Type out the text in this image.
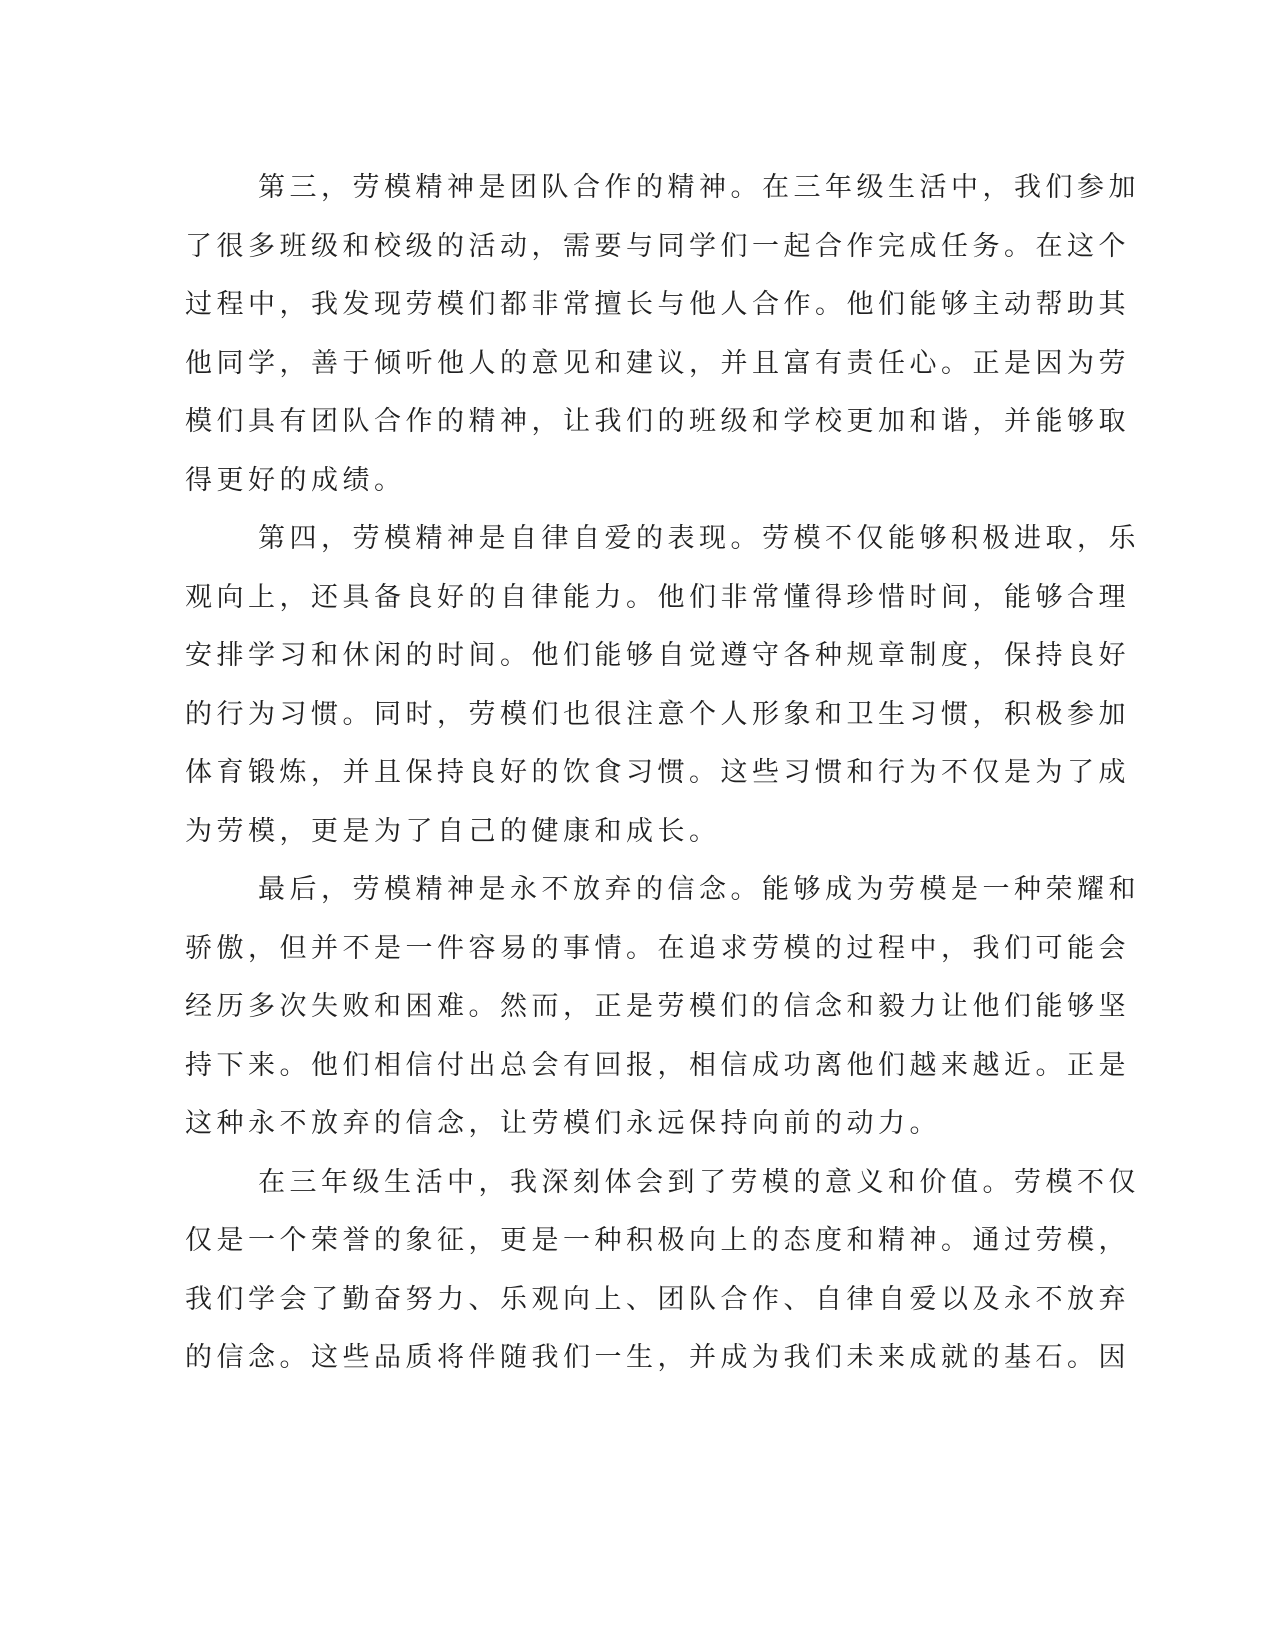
第三，劳模精神是团队合作的精神。在三年级生活中，我们参加
了很多班级和校级的活动，需要与同学们一起合作完成任务。在这个
过程中，我发现劳模们都非常擅长与他人合作。他们能够主动帮助其
他同学，善于倾听他人的意见和建议，并且富有责任心。正是因为劳
模们具有团队合作的精神，让我们的班级和学校更加和谐，并能够取
得更好的成绩。
第四，劳模精神是自律自爱的表现。劳模不仅能够积极进取，乐
观向上，还具备良好的自律能力。他们非常懂得珍惜时间，能够合理
安排学习和休闲的时间。他们能够自觉遵守各种规章制度，保持良好
的行为习惯。同时，劳模们也很注意个人形象和卫生习惯，积极参加
体育锻炼，并且保持良好的饮食习惯。这些习惯和行为不仅是为了成
为劳模，更是为了自己的健康和成长。
最后，劳模精神是永不放弃的信念。能够成为劳模是一种荣耀和
骄傲，但并不是一件容易的事情。在追求劳模的过程中，我们可能会
经历多次失败和困难。然而，正是劳模们的信念和毅力让他们能够坚
持下来。他们相信付出总会有回报，相信成功离他们越来越近。正是
这种永不放弃的信念，让劳模们永远保持向前的动力。
在三年级生活中，我深刻体会到了劳模的意义和价值。劳模不仅
仅是一个荣誉的象征，更是一种积极向上的态度和精神。通过劳模，
我们学会了勤奋努力、乐观向上、团队合作、自律自爱以及永不放弃
的信念。这些品质将伴随我们一生，并成为我们未来成就的基石。因
